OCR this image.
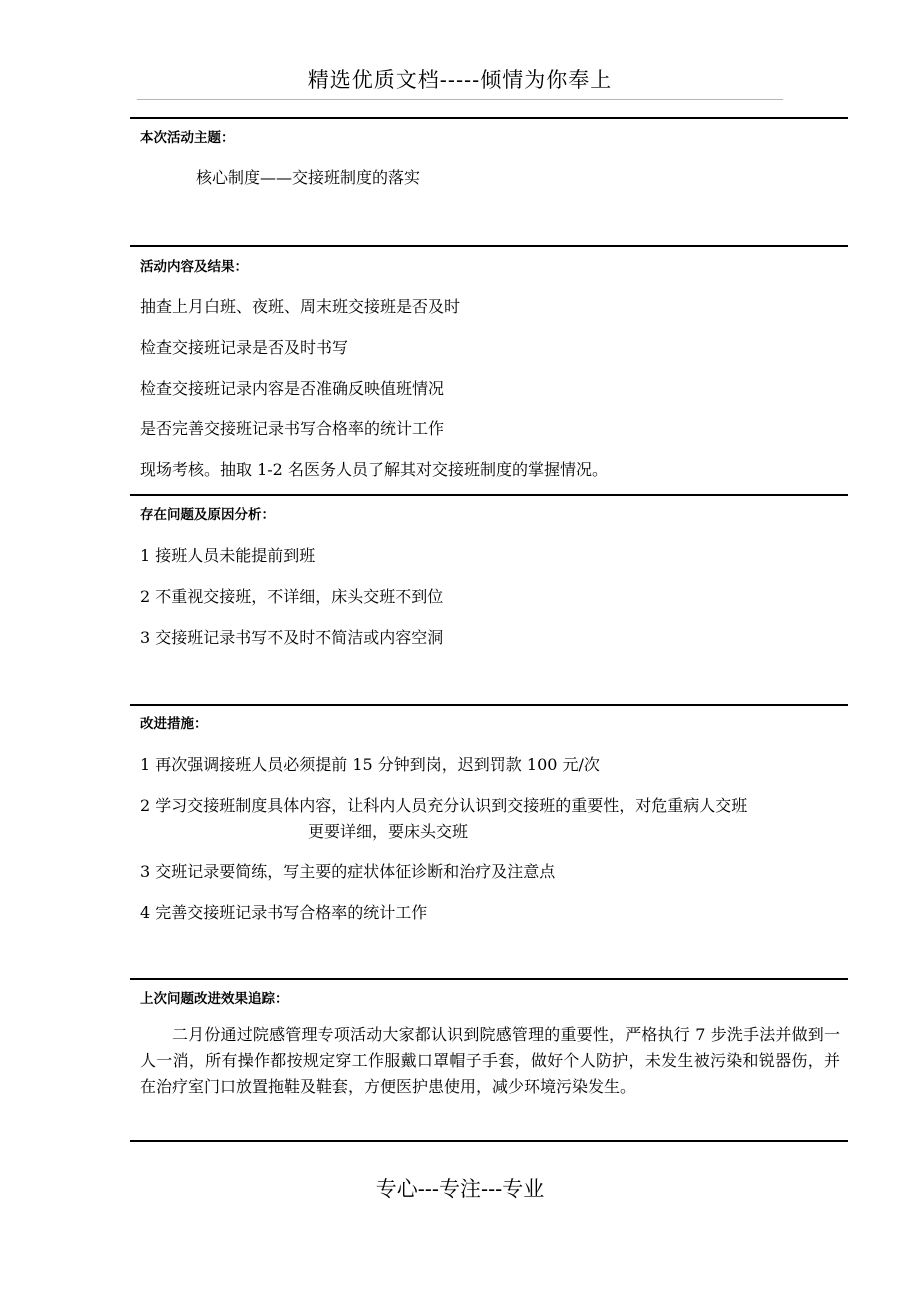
精选优质文档-----倾情为你奉上
本次活动主题：
核心制度——交接班制度的落实
活动内容及结果：
抽查上月白班、夜班、周末班交接班是否及时
检查交接班记录是否及时书写
检查交接班记录内容是否准确反映值班情况
是否完善交接班记录书写合格率的统计工作
现场考核。抽取 1-2 名医务人员了解其对交接班制度的掌握情况。
存在问题及原因分析：
1 接班人员未能提前到班
2 不重视交接班，不详细，床头交班不到位
3 交接班记录书写不及时不简洁或内容空洞
改进措施：
1 再次强调接班人员必须提前 15 分钟到岗，迟到罚款 100 元/次
2 学习交接班制度具体内容，让科内人员充分认识到交接班的重要性，对危重病人交班
更要详细，要床头交班
3 交班记录要简练，写主要的症状体征诊断和治疗及注意点
4 完善交接班记录书写合格率的统计工作
上次问题改进效果追踪：
二月份通过院感管理专项活动大家都认识到院感管理的重要性，严格执行 7 步洗手法并做到一人一消，所有操作都按规定穿工作服戴口罩帽子手套，做好个人防护，未发生被污染和锐器伤，并在治疗室门口放置拖鞋及鞋套，方便医护患使用，减少环境污染发生。
专心---专注---专业
